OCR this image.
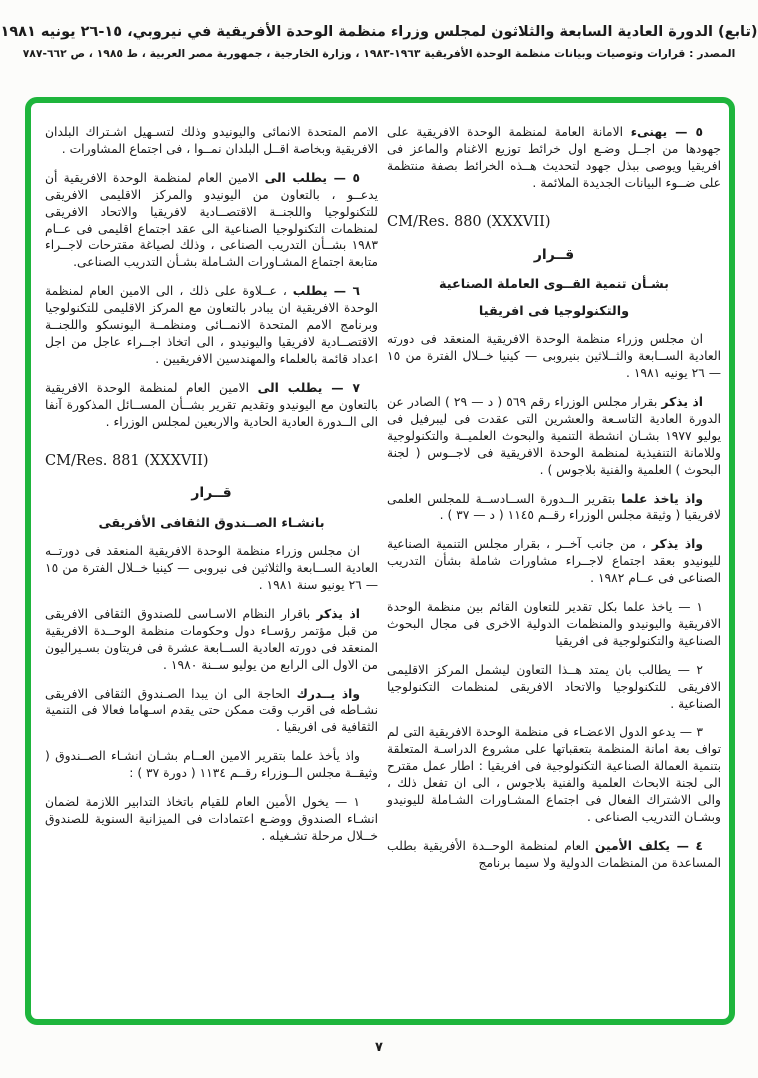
(تابع) الدورة العادية السابعة والثلاثون لمجلس وزراء منظمة الوحدة الأفريقية في نيروبي، ١٥-٢٦ يونيه ١٩٨١

المصدر : قرارات وتوصيات وبيانات منظمة الوحدة الأفريقية ١٩٦٣-١٩٨٣ ، وزارة الخارجية ، جمهورية مصر العربية ، ط ١٩٨٥ ، ص ٦٦٢-٧٨٧

٥ — يهنىء الامانة العامة لمنظمة الوحدة الافريقية على جهودها من اجــل وضـع اول خرائط توزيع الاغنام والماعز فى افريقيا ويوصى ببذل جهود لتحديث هــذه الخرائط بصفة منتظمة على ضــوء البيانات الجديدة الملائمة .

CM/Res. 880 (XXXVII)

قــرار

بشـأن تنمية القــوى العاملة الصناعية

والتكنولوجيا فى افريقيا

ان مجلس وزراء منظمة الوحدة الافريقية المنعقد فى دورته العادية الســابعة والثــلاثين بنيروبى — كينيا خــلال الفترة من ١٥ — ٢٦ يونيه ١٩٨١ .

اذ يذكر بقرار مجلس الوزراء رقم ٥٦٩ ( د — ٢٩ ) الصادر عن الدورة العادية التاسـعة والعشرين التى عقدت فى ليبرفيل فى يوليو ١٩٧٧ بشـان انشطة التنمية والبحوث العلميــة والتكنولوجية وللامانة التنفيذية لمنظمة الوحدة الافريقية فى لاجــوس ( لجنة البحوث ) العلمية والفنية بلاجوس ) .

واذ ياخذ علما بتقرير الــدورة الســادســة للمجلس العلمى لافريقيا ( وثيقة مجلس الوزراء رقــم ١١٤٥ ( د — ٣٧ ) .

واذ يذكر ، من جانب آخــر ، بقرار مجلس التنمية الصناعية لليونيدو بعقد اجتماع لاجــراء مشاورات شاملة بشأن التدريب الصناعى فى عــام ١٩٨٢ .

١ — ياخذ علما بكل تقدير للتعاون القائم بين منظمة الوحدة الافريقية واليونيدو والمنظمات الدولية الاخرى فى مجال البحوث الصناعية والتكنولوجية فى افريقيا

٢ — يطالب بان يمتد هــذا التعاون ليشمل المركز الاقليمى الافريقى للتكنولوجيا والاتحاد الافريقى لمنظمات التكنولوجيا الصناعية .

٣ — يدعو الدول الاعضـاء فى منظمة الوحدة الافريقية التى لم تواف بعة امانة المنظمة بتعقباتها على مشروع الدراسـة المتعلقة بتنمية العمالة الصناعية التكنولوجية فى افريقيا : اطار عمل مقترح الى لجنة الابحاث العلمية والفنية بلاجوس ، الى ان تفعل ذلك ، والى الاشتراك الفعال فى اجتماع المشـاورات الشـاملة لليونيدو وبشـان التدريب الصناعى .

٤ — يكلف الأمين العام لمنظمة الوحــدة الأفريقية بطلب المساعدة من المنظمات الدولية ولا سيما برنامج

الامم المتحدة الانمائى واليونيدو وذلك لتسـهيل اشـتراك البلدان الافريقية وبخاصة اقــل البلدان نمــوا ، فى اجتماع المشاورات .

٥ — يطلب الى الامين العام لمنظمة الوحدة الافريقية أن يدعــو ، بالتعاون من اليونيدو والمركز الاقليمى الافريقى للتكنولوجيا واللجنــة الاقتصــادية لافريقيا والاتحاد الافريقى لمنظمات التكنولوجيا الصناعية الى عقد اجتماع اقليمى فى عــام ١٩٨٣ بشــأن التدريب الصناعى ، وذلك لصياغة مقترحات لاجــراء متابعة اجتماع المشـاورات الشـاملة بشـأن التدريب الصناعى.

٦ — يطلب ، عــلاوة على ذلك ، الى الامين العام لمنظمة الوحدة الافريقية ان يبادر بالتعاون مع المركز الاقليمى للتكنولوجيا وبرنامج الامم المتحدة الانمــائى ومنظمــة اليونسكو واللجنــة الاقتصــادية لافريقيا واليونيدو ، الى اتخاذ اجــراء عاجل من اجل اعداد قائمة بالعلماء والمهندسين الافريقيين .

٧ — يطلب الى الامين العام لمنظمة الوحدة الافريقية بالتعاون مع اليونيدو وتقديم تقرير بشــأن المســائل المذكورة آنفا الى الــدورة العادية الحادية والاربعين لمجلس الوزراء .

CM/Res. 881 (XXXVII)

قــرار

بانشـاء الصــندوق الثقافى الأفريقى

ان مجلس وزراء منظمة الوحدة الافريقية المنعقد فى دورتــه العادية الســابعة والثلاثين فى نيروبى — كينيا خــلال الفترة من ١٥ — ٢٦ يونيو سنة ١٩٨١ .

اذ يذكر باقرار النظام الاسـاسى للصندوق الثقافى الافريقى من قبل مؤتمر رؤسـاء دول وحكومات منظمة الوحــدة الافريقية المنعقد فى دورته العادية الســابعة عشرة فى فريتاون بسـيراليون من الاول الى الرابع من يوليو ســنة ١٩٨٠ .

واذ يــدرك الحاجة الى ان يبدا الصـندوق الثقافى الافريقى نشـاطه فى اقرب وقت ممكن حتى يقدم اسـهاما فعالا فى التنمية الثقافية فى افريقيا .

واذ يأخذ علما بتقرير الامين العــام بشـان انشـاء الصــندوق ( وثيقــة مجلس الــوزراء رقــم ١١٣٤ ( دورة ٣٧ ) :

١ — يخول الأمين العام للقيام باتخاذ التدابير اللازمة لضمان انشـاء الصندوق ووضـع اعتمادات فى الميزانية السنوية للصندوق خــلال مرحلة تشـغيله .

٧
